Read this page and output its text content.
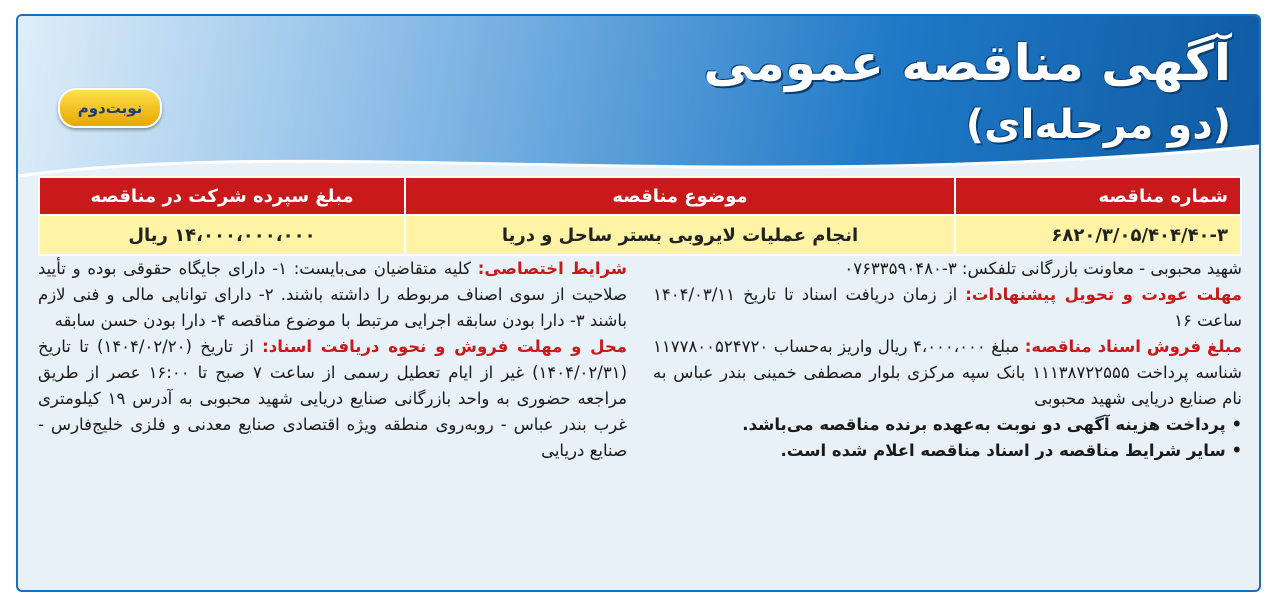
آگهی مناقصه عمومی
(دو مرحله‌ای)
نوبت‌دوم
شماره مناقصه	موضوع مناقصه	مبلغ سپرده شرکت در مناقصه
۶۸۲۰/۳/۰۵/۴۰۴/۴۰-۳	انجام عملیات لایروبی بستر ساحل و دریا	۱۴،۰۰۰،۰۰۰،۰۰۰ ریال
شرایط اختصاصی: کلیه متقاضیان می‌بایست: ۱- دارای جایگاه حقوقی بوده و تأیید صلاحیت از سوی اصناف مربوطه را داشته باشند. ۲- دارای توانایی مالی و فنی لازم باشند ۳- دارا بودن سابقه اجرایی مرتبط با موضوع مناقصه ۴- دارا بودن حسن سابقه
محل و مهلت فروش و نحوه دریافت اسناد: از تاریخ (۱۴۰۴/۰۲/۲۰) تا تاریخ (۱۴۰۴/۰۲/۳۱) غیر از ایام تعطیل رسمی از ساعت ۷ صبح تا ۱۶:۰۰ عصر از طریق مراجعه حضوری به واحد بازرگانی صنایع دریایی شهید محبوبی به آدرس ۱۹ کیلومتری غرب بندر عباس - روبه‌روی منطقه ویژه اقتصادی صنایع معدنی و فلزی خلیج‌فارس - صنایع دریایی
شهید محبوبی - معاونت بازرگانی تلفکس: ۳-۰۷۶۳۳۵۹۰۴۸۰
مهلت عودت و تحویل پیشنهادات: از زمان دریافت اسناد تا تاریخ ۱۴۰۴/۰۳/۱۱ ساعت ۱۶
مبلغ فروش اسناد مناقصه: مبلغ ۴،۰۰۰،۰۰۰ ریال واریز به‌حساب ۱۱۷۷۸۰۰۵۲۴۷۲۰ شناسه پرداخت ۱۱۱۳۸۷۲۲۵۵۵ بانک سپه مرکزی بلوار مصطفی خمینی بندر عباس به نام صنایع دریایی شهید محبوبی
• پرداخت هزینه آگهی دو نوبت به‌عهده برنده مناقصه می‌باشد.
• سایر شرایط مناقصه در اسناد مناقصه اعلام شده است.
